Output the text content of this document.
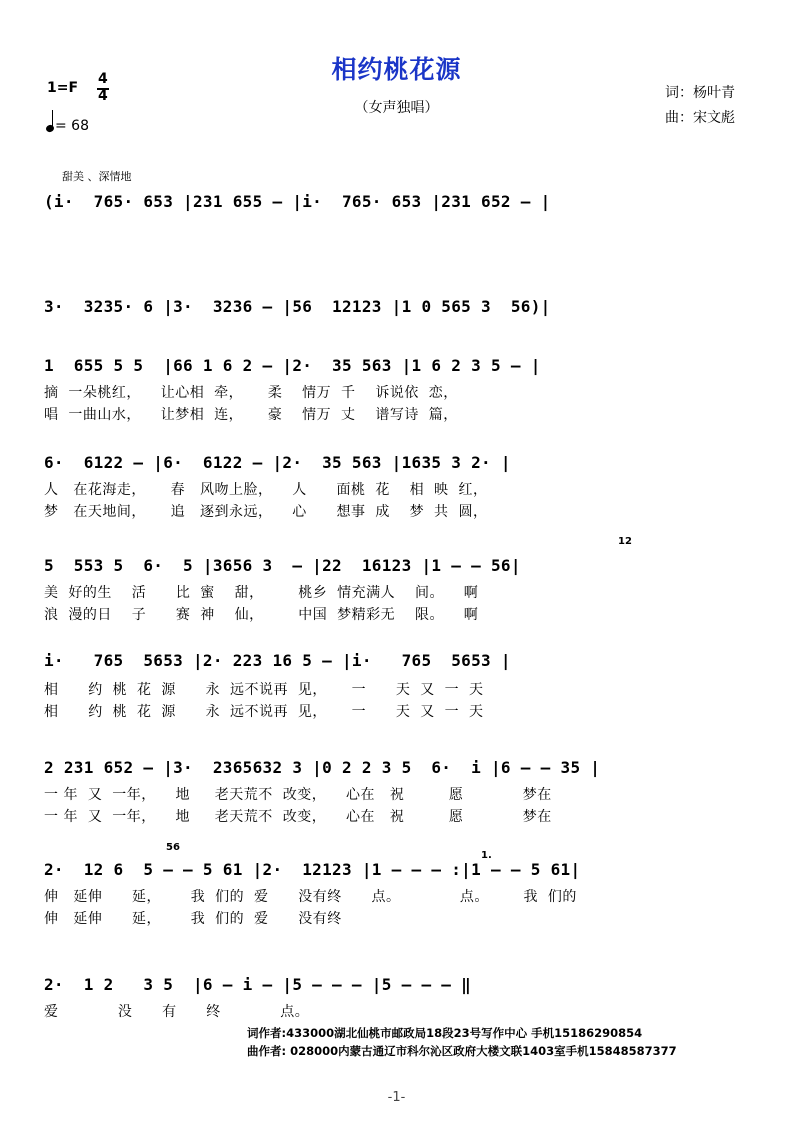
相约桃花源
（女声独唱）
词：杨叶青
曲：宋文彪
1=F
4
4
= 68
甜美 、深情地
(i·  765· 653 |231 655 – |i·  765· 653 |231 652 – |
3·  3235· 6 |3·  3236 – |56  12123 |1 0 565 3  56)|
1  655 5 5  |66 1 6 2 – |2·  35 563 |1 6 2 3 5 – |
摘  一朵桃红，    让心相  牵，     柔    情万  千    诉说依  恋，
唱  一曲山水，    让梦相  连，     豪    情万  丈    谱写诗  篇，
6·  6122 – |6·  6122 – |2·  35 563 |1635 3 2· |
人   在花海走，     春   风吻上脸，    人      面桃  花    相  映  红，
梦   在天地间，     追   逐到永远，    心      想事  成    梦  共  圆，
5  553 5  6·  5 |3656 3  – |22  16123 |1 – – 56|
12
美  好的生    活      比  蜜    甜，       桃乡  情充满人    间。    啊
浪  漫的日    子      赛  神    仙，       中国  梦精彩无    限。    啊
i·   765  5653 |2· 223 16 5 – |i·   765  5653 |
相      约  桃  花  源      永  远不说再  见，     一      天  又  一  天
相      约  桃  花  源      永  远不说再  见，     一      天  又  一  天
2 231 652 – |3·  2365632 3 |0 2 2 3 5  6·  i |6 – – 35 |
一 年  又  一年，    地     老天荒不  改变，    心在   祝         愿            梦在
一 年  又  一年，    地     老天荒不  改变，    心在   祝         愿            梦在
2·  12 6  5 – – 5 61 |2·  12123 |1 – – – :|1 – – 5 61|
56
1.
伸   延伸      延，      我  们的  爱      没有终      点。            点。       我  们的
伸   延伸      延，      我  们的  爱      没有终
2·  1 2   3 5  |6 – i – |5 – – – |5 – – – ‖
爱            没      有      终            点。
词作者:433000湖北仙桃市邮政局18段23号写作中心 手机15186290854
曲作者: 028000内蒙古通辽市科尔沁区政府大楼文联1403室手机15848587377
-1-
